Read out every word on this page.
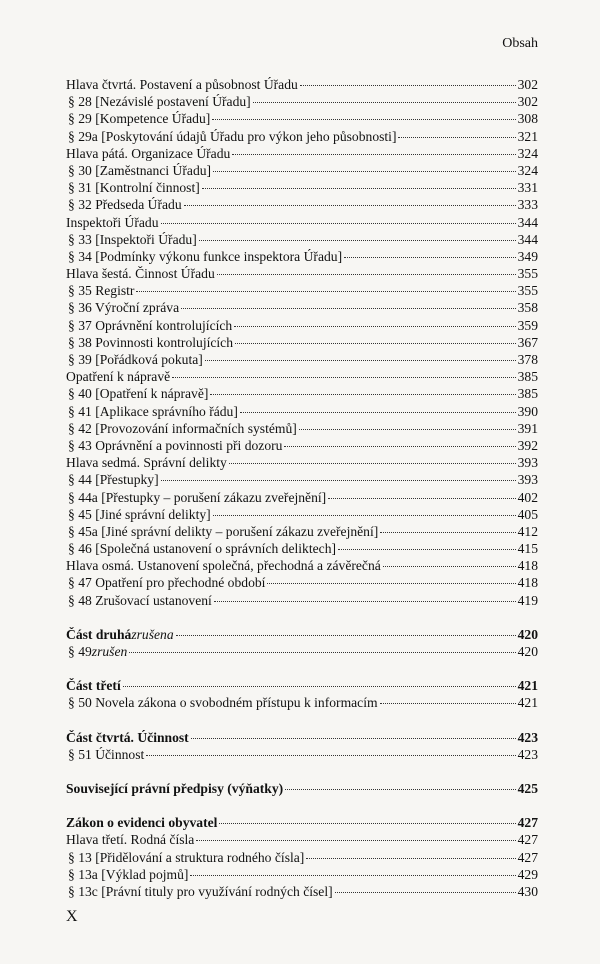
Obsah
Hlava čtvrtá. Postavení a působnost Úřadu	302
§ 28 [Nezávislé postavení Úřadu]	302
§ 29 [Kompetence Úřadu]	308
§ 29a [Poskytování údajů Úřadu pro výkon jeho působnosti]	321
Hlava pátá. Organizace Úřadu	324
§ 30 [Zaměstnanci Úřadu]	324
§ 31 [Kontrolní činnost]	331
§ 32 Předseda Úřadu	333
Inspektoři Úřadu	344
§ 33 [Inspektoři Úřadu]	344
§ 34 [Podmínky výkonu funkce inspektora Úřadu]	349
Hlava šestá. Činnost Úřadu	355
§ 35 Registr	355
§ 36 Výroční zpráva	358
§ 37 Oprávnění kontrolujících	359
§ 38 Povinnosti kontrolujících	367
§ 39 [Pořádková pokuta]	378
Opatření k nápravě	385
§ 40 [Opatření k nápravě]	385
§ 41 [Aplikace správního řádu]	390
§ 42 [Provozování informačních systémů]	391
§ 43 Oprávnění a povinnosti při dozoru	392
Hlava sedmá. Správní delikty	393
§ 44 [Přestupky]	393
§ 44a [Přestupky – porušení zákazu zveřejnění]	402
§ 45 [Jiné správní delikty]	405
§ 45a [Jiné správní delikty – porušení zákazu zveřejnění]	412
§ 46 [Společná ustanovení o správních deliktech]	415
Hlava osmá. Ustanovení společná, přechodná a závěrečná	418
§ 47 Opatření pro přechodné období	418
§ 48 Zrušovací ustanovení	419
Část druhá zrušena	420
§ 49 zrušen	420
Část třetí	421
§ 50 Novela zákona o svobodném přístupu k informacím	421
Část čtvrtá. Účinnost	423
§ 51 Účinnost	423
Související právní předpisy (výňatky)	425
Zákon o evidenci obyvatel	427
Hlava třetí. Rodná čísla	427
§ 13 [Přidělování a struktura rodného čísla]	427
§ 13a [Výklad pojmů]	429
§ 13c [Právní tituly pro využívání rodných čísel]	430
X
